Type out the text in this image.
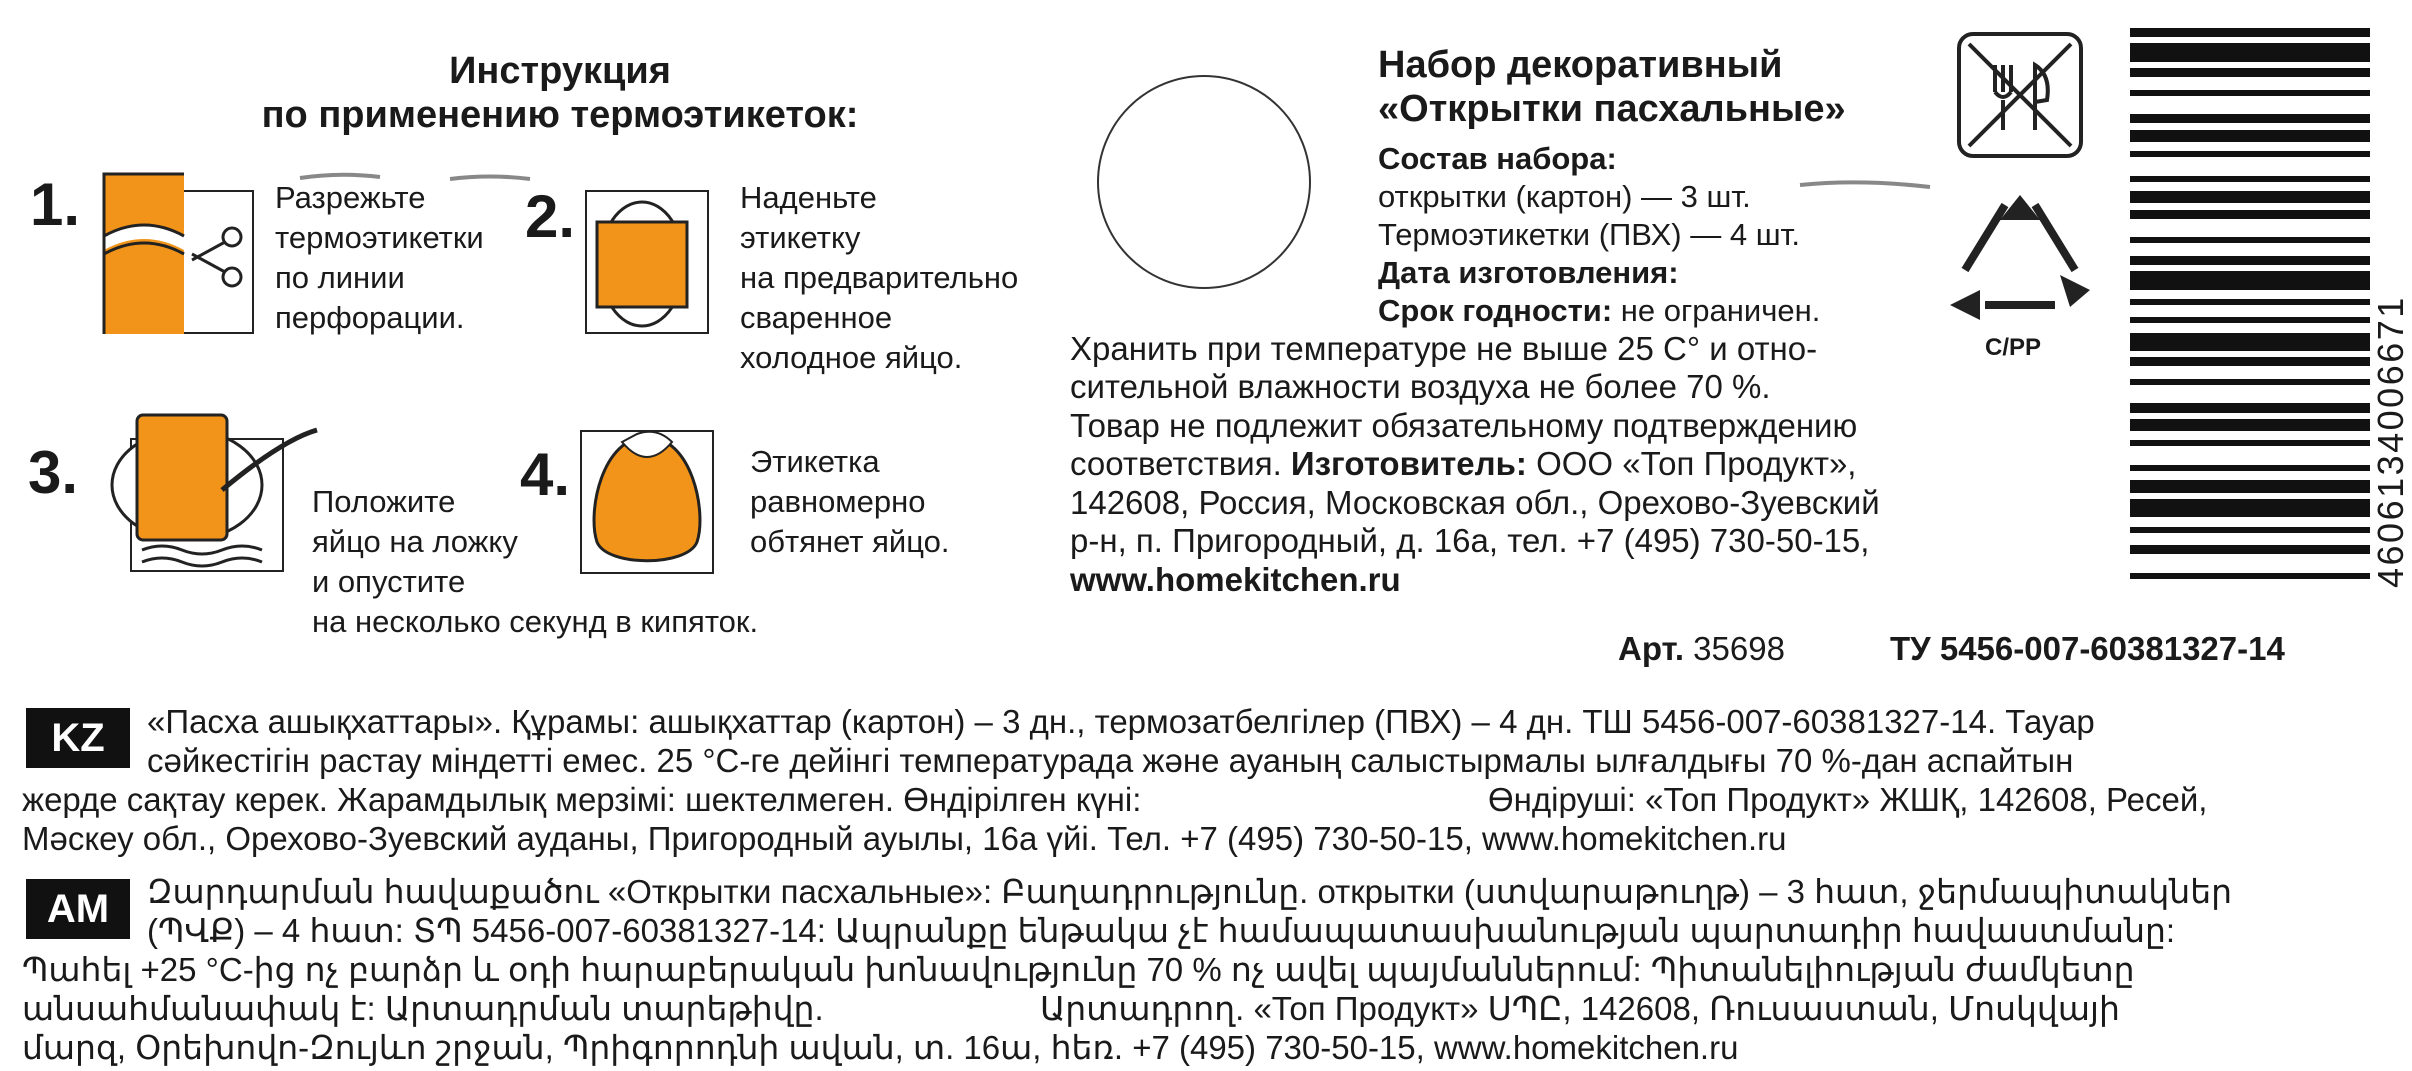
Инструкция
по применению термоэтикеток:
1.	Разрежьте
термоэтикетки
по линии
перфорации.
2.	Наденьте
этикетку
на предварительно
сваренное
холодное яйцо.
3.	Положите
яйцо на ложку
и опустите
на несколько секунд в кипяток.
4.	Этикетка
равномерно
обтянет яйцо.
Набор декоративный
«Открытки пасхальные»
Состав набора:
открытки (картон) — 3 шт.
Термоэтикетки (ПВХ) — 4 шт.
Дата изготовления:
Срок годности: не ограничен.
Хранить при температуре не выше 25 С° и отно-
сительной влажности воздуха не более 70 %.
Товар не подлежит обязательному подтверждению
соответствия. Изготовитель: ООО «Топ Продукт»,
142608, Россия, Московская обл., Орехово-Зуевский
р-н, п. Пригородный, д. 16а, тел. +7 (495) 730-50-15,
www.homekitchen.ru
Арт. 35698	ТУ 5456-007-60381327-14
C/PP	4606134006671
KZ	«Пасха ашықхаттары». Құрамы: ашықхаттар (картон) – 3 дн., термозатбелгілер (ПВХ) – 4 дн. ТШ 5456-007-60381327-14. Тауар
сәйкестігін растау міндетті емес. 25 °С-ге дейінгі температурада және ауаның салыстырмалы ылғалдығы 70 %-дан аспайтын
жерде сақтау керек. Жарамдылық мерзімі: шектелмеген. Өндірілген күні:	Өндіруші: «Топ Продукт» ЖШҚ, 142608, Ресей,
Мәскеу обл., Орехово-Зуевский ауданы, Пригородный ауылы, 16а үйі. Тел. +7 (495) 730-50-15, www.homekitchen.ru
AM	Զարդարման հավաքածու «Открытки пасхальные»: Բաղադրությունը. открытки (ստվարաթուղթ) – 3 հատ, ջերմապիտակներ
(ՊՎՔ) – 4 հատ: ՏՊ 5456-007-60381327-14: Ապրանքը ենթակա չէ համապատասխանության պարտադիր հավաստմանը:
Պահել +25 °С-ից ոչ բարձր և օդի հարաբերական խոնավությունը 70 % ոչ ավել պայմաններում: Պիտանելիության ժամկետը
անսահմանափակ է: Արտադրման տարեթիվը.	Արտադրող. «Топ Продукт» ՍՊԸ, 142608, Ռուսաստան, Մոսկվայի
մարզ, Օրեխովո-Զույևո շրջան, Պրիգորոդնի ավան, տ. 16ա, հեռ. +7 (495) 730-50-15, www.homekitchen.ru
